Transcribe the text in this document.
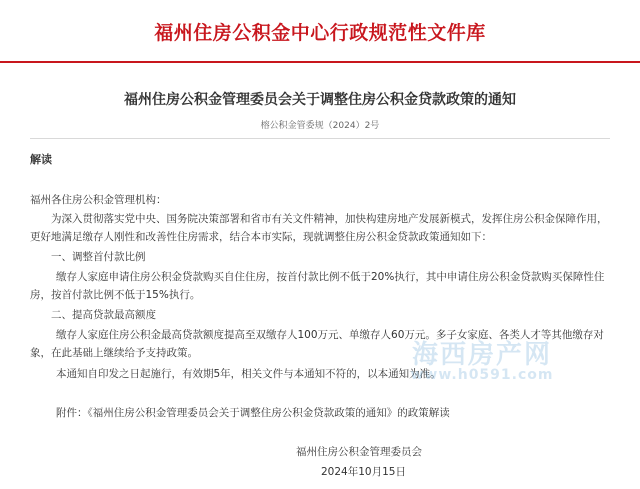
福州住房公积金中心行政规范性文件库
福州住房公积金管理委员会关于调整住房公积金贷款政策的通知
榕公积金管委规（2024）2号
解读

福州各住房公积金管理机构：

为深入贯彻落实党中央、国务院决策部署和省市有关文件精神，加快构建房地产发展新模式，发挥住房公积金保障作用，更好地满足缴存人刚性和改善性住房需求，结合本市实际，现就调整住房公积金贷款政策通知如下：

一、调整首付款比例

缴存人家庭申请住房公积金贷款购买自住住房，按首付款比例不低于20%执行，其中申请住房公积金贷款购买保障性住房，按首付款比例不低于15%执行。

二、提高贷款最高额度

缴存人家庭住房公积金最高贷款额度提高至双缴存人100万元、单缴存人60万元。多子女家庭、各类人才等其他缴存对象，在此基础上继续给予支持政策。

本通知自印发之日起施行，有效期5年，相关文件与本通知不符的，以本通知为准。

附件：《福州住房公积金管理委员会关于调整住房公积金贷款政策的通知》的政策解读

福州住房公积金管理委员会
2024年10月15日
海西房产网
www.h0591.com
